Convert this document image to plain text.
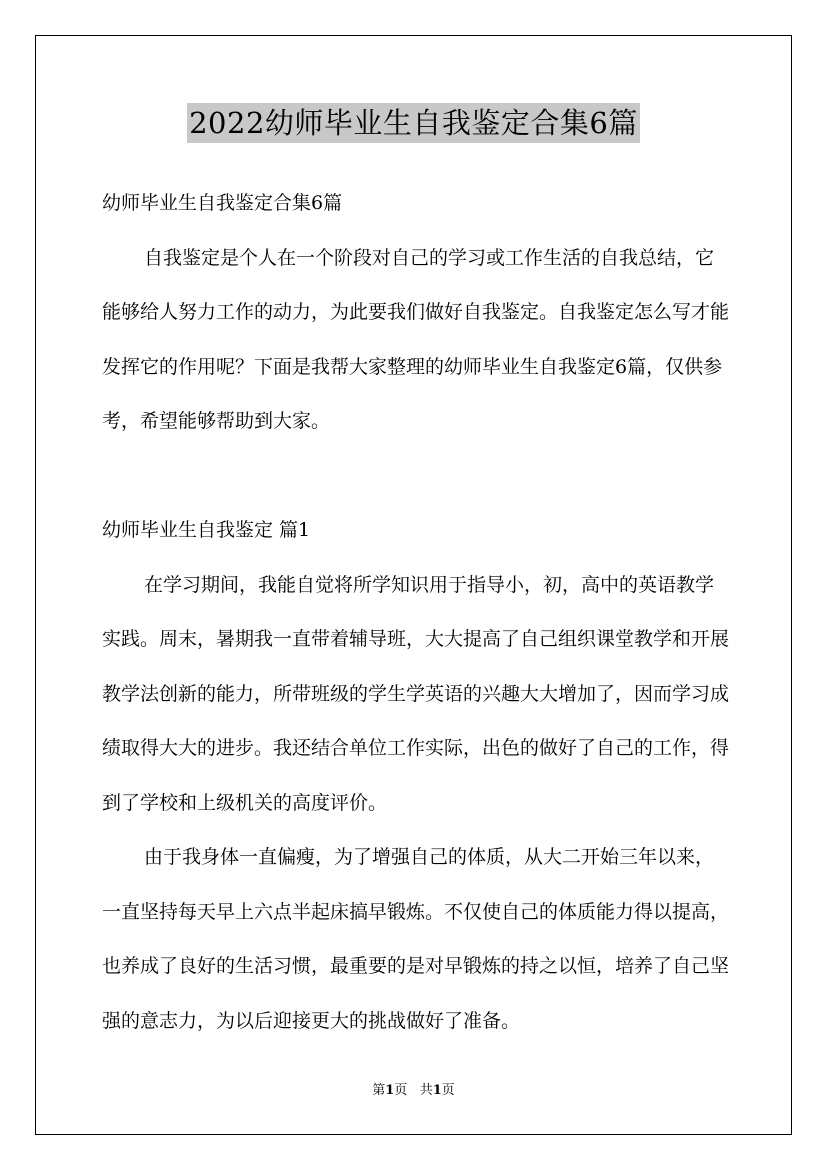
2022幼师毕业生自我鉴定合集6篇

幼师毕业生自我鉴定合集6篇

自我鉴定是个人在一个阶段对自己的学习或工作生活的自我总结，它能够给人努力工作的动力，为此要我们做好自我鉴定。自我鉴定怎么写才能发挥它的作用呢？下面是我帮大家整理的幼师毕业生自我鉴定6篇，仅供参考，希望能够帮助到大家。

幼师毕业生自我鉴定 篇1

在学习期间，我能自觉将所学知识用于指导小，初，高中的英语教学实践。周末，暑期我一直带着辅导班，大大提高了自己组织课堂教学和开展教学法创新的能力，所带班级的学生学英语的兴趣大大增加了，因而学习成绩取得大大的进步。我还结合单位工作实际，出色的做好了自己的工作，得到了学校和上级机关的高度评价。

由于我身体一直偏瘦，为了增强自己的体质，从大二开始三年以来，一直坚持每天早上六点半起床搞早锻炼。不仅使自己的体质能力得以提高，也养成了良好的生活习惯，最重要的是对早锻炼的持之以恒，培养了自己坚强的意志力，为以后迎接更大的挑战做好了准备。

第1页 共1页
